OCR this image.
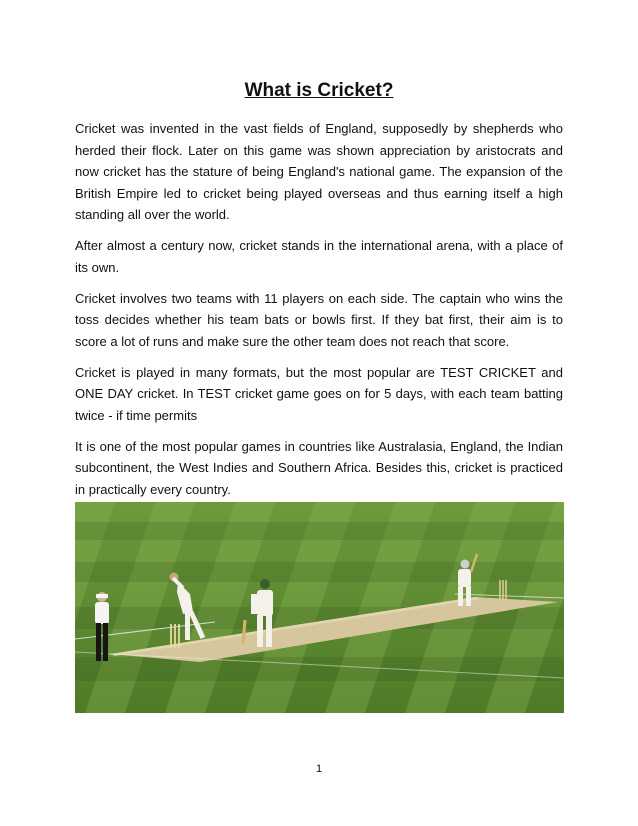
What is Cricket?

Cricket was invented in the vast fields of England, supposedly by shepherds who herded their flock. Later on this game was shown appreciation by aristocrats and now cricket has the stature of being England's national game. The expansion of the British Empire led to cricket being played overseas and thus earning itself a high standing all over the world.

After almost a century now, cricket stands in the international arena, with a place of its own.

Cricket involves two teams with 11 players on each side. The captain who wins the toss decides whether his team bats or bowls first. If they bat first, their aim is to score a lot of runs and make sure the other team does not reach that score.

Cricket is played in many formats, but the most popular are TEST CRICKET and ONE DAY cricket. In TEST cricket game goes on for 5 days, with each team batting twice - if time permits

It is one of the most popular games in countries like Australasia, England, the Indian subcontinent, the West Indies and Southern Africa. Besides this, cricket is practiced in practically every country.

1
